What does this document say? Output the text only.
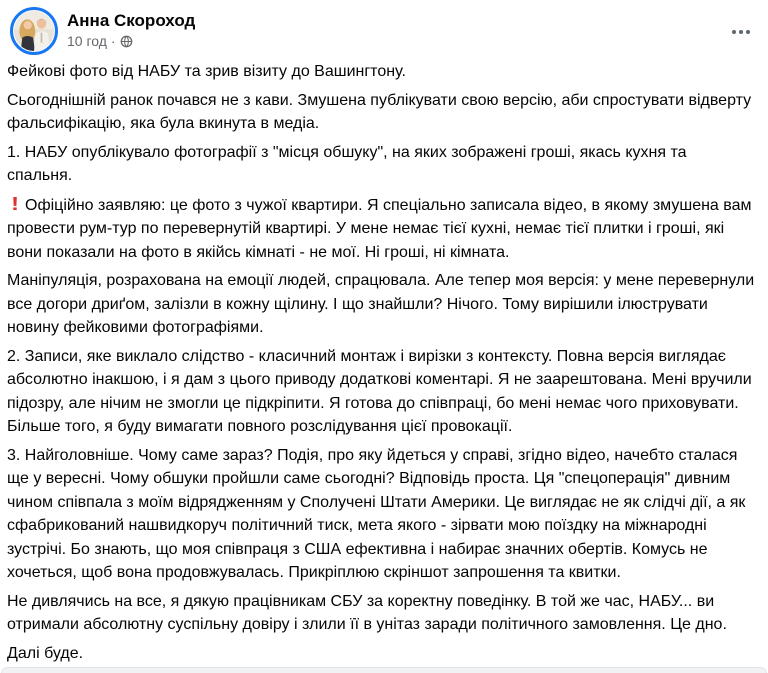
Анна Скороход
10 год ·

Фейкові фото від НАБУ та зрив візиту до Вашингтону.

Сьогоднішній ранок почався не з кави. Змушена публікувати свою версію, аби спростувати відверту фальсифікацію, яка була вкинута в медіа.

1. НАБУ опублікувало фотографії з "місця обшуку", на яких зображені гроші, якась кухня та спальня.

! Офіційно заявляю: це фото з чужої квартири. Я спеціально записала відео, в якому змушена вам провести рум-тур по перевернутій квартирі. У мене немає тієї кухні, немає тієї плитки і гроші, які вони показали на фото в якійсь кімнаті - не мої. Ні гроші, ні кімната.

Маніпуляція, розрахована на емоції людей, спрацювала. Але тепер моя версія: у мене перевернули все догори дриґом, залізли в кожну щілину. І що знайшли? Нічого. Тому вирішили ілюструвати новину фейковими фотографіями.

2. Записи, яке виклало слідство - класичний монтаж і вирізки з контексту. Повна версія виглядає абсолютно інакшою, і я дам з цього приводу додаткові коментарі. Я не заарештована. Мені вручили підозру, але нічим не змогли це підкріпити. Я готова до співпраці, бо мені немає чого приховувати. Більше того, я буду вимагати повного розслідування цієї провокації.

3. Найголовніше. Чому саме зараз? Подія, про яку йдеться у справі, згідно відео, начебто сталася ще у вересні. Чому обшуки пройшли саме сьогодні? Відповідь проста. Ця "спецоперація" дивним чином співпала з моїм відрядженням у Сполучені Штати Америки. Це виглядає не як слідчі дії, а як сфабрикований нашвидкоруч політичний тиск, мета якого - зірвати мою поїздку на міжнародні зустрічі. Бо знають, що моя співпраця з США ефективна і набирає значних обертів. Комусь не хочеться, щоб вона продовжувалась. Прикріплюю скріншот запрошення та квитки.

Не дивлячись на все, я дякую працівникам СБУ за коректну поведінку. В той же час, НАБУ... ви отримали абсолютну суспільну довіру і злили її в унітаз заради політичного замовлення. Це дно.

Далі буде.
